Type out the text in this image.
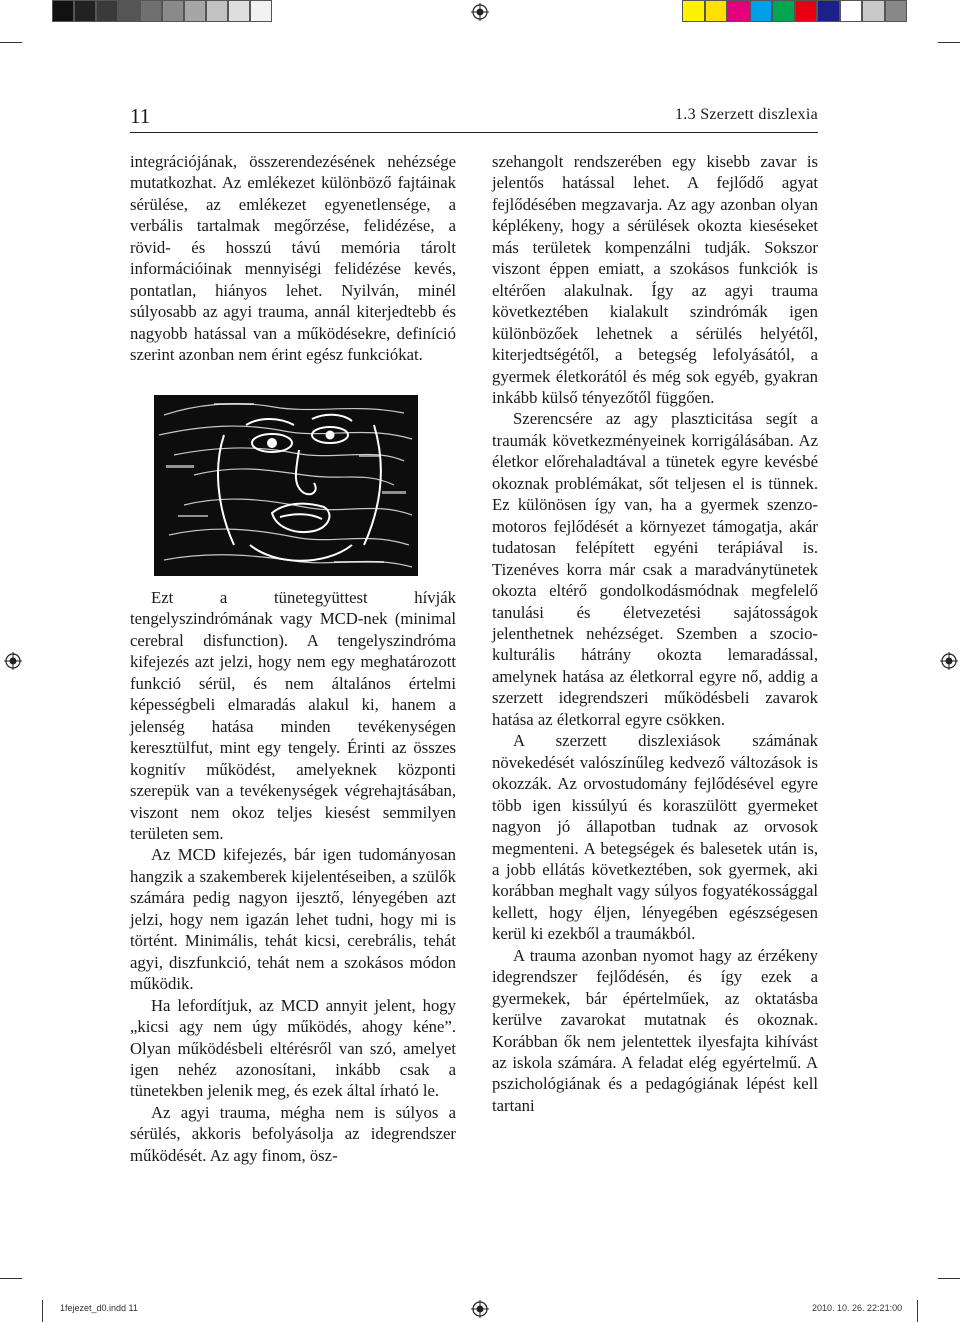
11	1.3 Szerzett diszlexia

integrációjának, összerendezésének nehézsége mutatkozhat. Az emlékezet különböző fajtáinak sérülése, az emlékezet egyenetlensége, a verbális tartalmak megőrzése, felidézése, a rövid- és hosszú távú memória tárolt információinak mennyiségi felidézése kevés, pontatlan, hiányos lehet. Nyilván, minél súlyosabb az agyi trauma, annál kiterjedtebb és nagyobb hatással van a működésekre, definíció szerint azonban nem érint egész funkciókat.

Ezt a tünetegyüttest hívják tengelyszindrómának vagy MCD-nek (minimal cerebral disfunction). A tengelyszindróma kifejezés azt jelzi, hogy nem egy meghatározott funkció sérül, és nem általános értelmi képességbeli elmaradás alakul ki, hanem a jelenség hatása minden tevékenységen keresztülfut, mint egy tengely. Érinti az összes kognitív működést, amelyeknek központi szerepük van a tevékenységek végrehajtásában, viszont nem okoz teljes kiesést semmilyen területen sem.

Az MCD kifejezés, bár igen tudományosan hangzik a szakemberek kijelentéseiben, a szülők számára pedig nagyon ijesztő, lényegében azt jelzi, hogy nem igazán lehet tudni, hogy mi is történt. Minimális, tehát kicsi, cerebrális, tehát agyi, diszfunkció, tehát nem a szokásos módon működik.

Ha lefordítjuk, az MCD annyit jelent, hogy „kicsi agy nem úgy működés, ahogy kéne”. Olyan működésbeli eltérésről van szó, amelyet igen nehéz azonosítani, inkább csak a tünetekben jelenik meg, és ezek által írható le.

Az agyi trauma, mégha nem is súlyos a sérülés, akkoris befolyásolja az idegrendszer működését. Az agy finom, ösz-

szehangolt rendszerében egy kisebb zavar is jelentős hatással lehet. A fejlődő agyat fejlődésében megzavarja. Az agy azonban olyan képlékeny, hogy a sérülések okozta kieséseket más területek kompenzálni tudják. Sokszor viszont éppen emiatt, a szokásos funkciók is eltérően alakulnak. Így az agyi trauma következtében kialakult szindrómák igen különbözőek lehetnek a sérülés helyétől, kiterjedtségétől, a betegség lefolyásától, a gyermek életkorától és még sok egyéb, gyakran inkább külső tényezőtől függően.

Szerencsére az agy plaszticitása segít a traumák következményeinek korrigálásában. Az életkor előrehaladtával a tünetek egyre kevésbé okoznak problémákat, sőt teljesen el is tünnek. Ez különösen így van, ha a gyermek szenzo-motoros fejlődését a környezet támogatja, akár tudatosan felépített egyéni terápiával is. Tizenéves korra már csak a maradványtünetek okozta eltérő gondolkodásmódnak megfelelő tanulási és életvezetési sajátosságok jelenthetnek nehézséget. Szemben a szocio-kulturális hátrány okozta lemaradással, amelynek hatása az életkorral egyre nő, addig a szerzett idegrendszeri működésbeli zavarok hatása az életkorral egyre csökken.

A szerzett diszlexiások számának növekedését valószínűleg kedvező változások is okozzák. Az orvostudomány fejlődésével egyre több igen kissúlyú és koraszülött gyermeket nagyon jó állapotban tudnak az orvosok megmenteni. A betegségek és balesetek után is, a jobb ellátás következtében, sok gyermek, aki korábban meghalt vagy súlyos fogyatékossággal kellett, hogy éljen, lényegében egészségesen kerül ki ezekből a traumákból.

A trauma azonban nyomot hagy az érzékeny idegrendszer fejlődésén, és így ezek a gyermekek, bár épértelműek, az oktatásba kerülve zavarokat mutatnak és okoznak. Korábban ők nem jelentettek ilyesfajta kihívást az iskola számára. A feladat elég egyértelmű. A pszichológiának és a pedagógiának lépést kell tartani

1fejezet_d0.indd 11	2010. 10. 26. 22:21:00
